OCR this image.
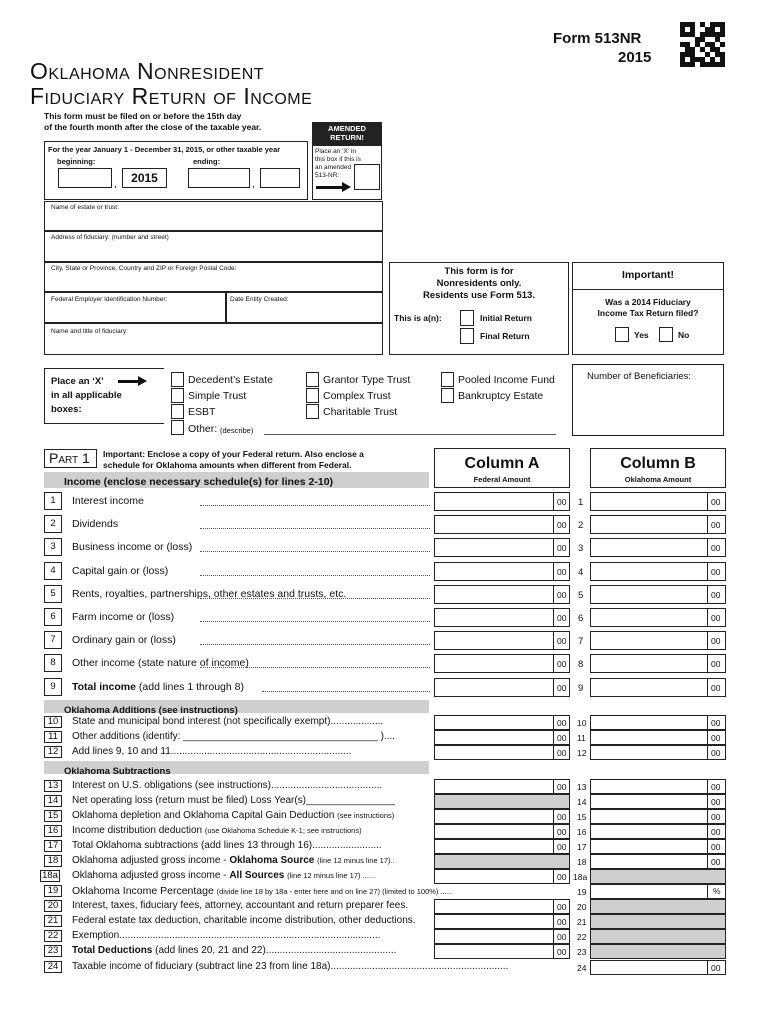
Form 513NR
2015
Oklahoma Nonresident
Fiduciary Return of Income
This form must be filed on or before the 15th day
of the fourth month after the close of the taxable year.	AMENDED
RETURN!
Place an ‘X’ in this box if this is an amended 513-NR:
For the year January 1 - December 31, 2015, or other taxable year
beginning:	ending:
,	2015	,
Name of estate or trust:
Address of fiduciary: (number and street)
City, State or Province, Country and ZIP or Foreign Postal Code:
Federal Employer Identification Number:	Date Entity Created:
Name and title of fiduciary:
This form is for
Nonresidents only.
Residents use Form 513.
This is a(n):	Initial Return
Final Return
Important!
Was a 2014 Fiduciary
Income Tax Return filed?
Yes	No
Place an ‘X’
in all applicable
boxes:
Decedent’s Estate
Simple Trust
ESBT
Other: (describe)
Grantor Type Trust
Complex Trust
Charitable Trust
Pooled Income Fund
Bankruptcy Estate
Number of Beneficiaries:
Part 1	Important: Enclose a copy of your Federal return. Also enclose a
schedule for Oklahoma amounts when different from Federal.
Income (enclose necessary schedule(s) for lines 2-10)
Column A
Federal Amount
Column B
Oklahoma Amount
1	Interest income	00 1	00
2	Dividends	00 2	00
3	Business income or (loss)	00 3	00
4	Capital gain or (loss)	00 4	00
5	Rents, royalties, partnerships, other estates and trusts, etc.	00 5	00
6	Farm income or (loss)	00 6	00
7	Ordinary gain or (loss)	00 7	00
8	Other income (state nature of income)	00 8	00
9	Total income (add lines 1 through 8)	00 9	00
Oklahoma Additions (see instructions)
Oklahoma Subtractions
10	State and municipal bond interest (not specifically exempt)...................	00 10	00
11	Other additions (identify: ___________________________________ )....	00 11	00
12	Add lines 9, 10 and 11.................................................................	00 12	00
13	Interest on U.S. obligations (see instructions)........................................	00 13	00
14	Net operating loss (return must be filed) Loss Year(s)________________	14	00
15	Oklahoma depletion and Oklahoma Capital Gain Deduction (see instructions)	00 15	00
16	Income distribution deduction (use Oklahoma Schedule K-1; see instructions)	00 16	00
17	Total Oklahoma subtractions (add lines 13 through 16).........................	00 17	00
18	Oklahoma adjusted gross income - Oklahoma Source (line 12 minus line 17)..	18	00
18a Oklahoma adjusted gross income - All Sources (line 12 minus line 17) ......	00 18a
19	Oklahoma Income Percentage (divide line 18 by 18a - enter here and on line 27) (limited to 100%) ......	19	%
20	Interest, taxes, fiduciary fees, attorney, accountant and return preparer fees.	00 20
21	Federal estate tax deduction, charitable income distribution, other deductions.	00 21
22	Exemption..............................................................................................	00 22
23	Total Deductions (add lines 20, 21 and 22)...............................................	00 23
24	Taxable income of fiduciary (subtract line 23 from line 18a)................................................................	24	00
